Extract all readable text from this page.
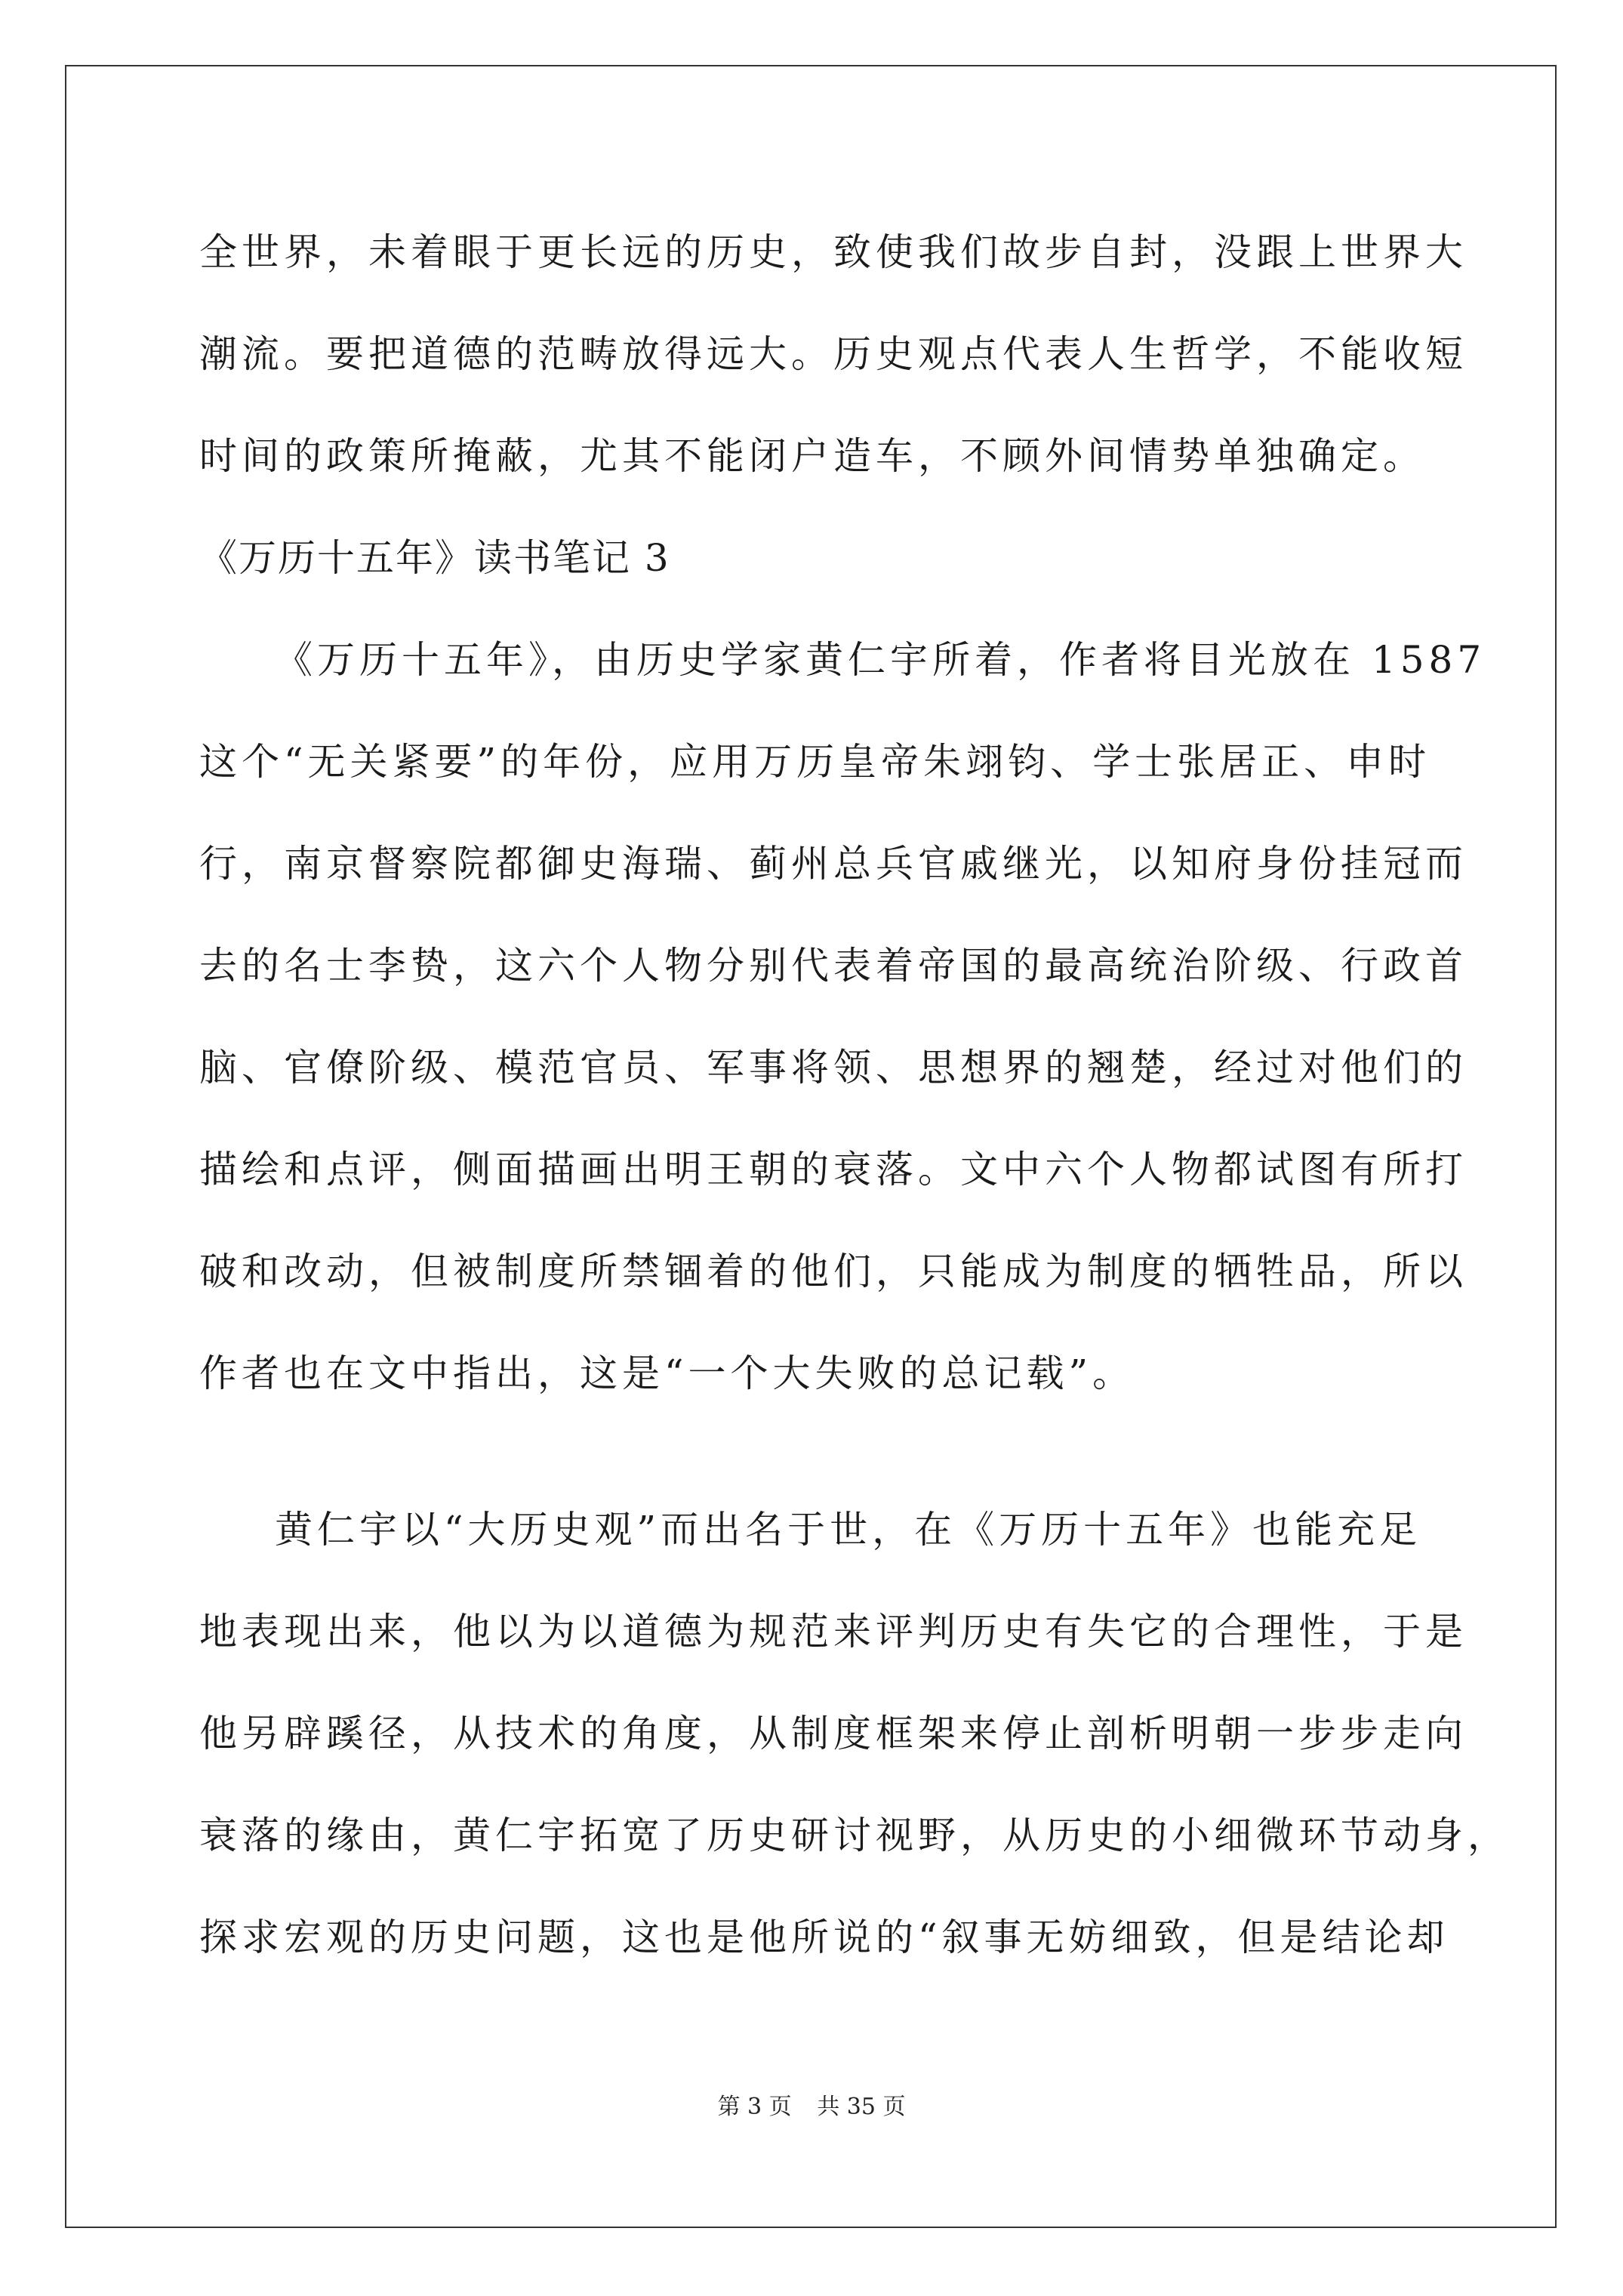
全世界，未着眼于更长远的历史，致使我们故步自封，没跟上世界大
潮流。要把道德的范畴放得远大。历史观点代表人生哲学，不能收短
时间的政策所掩蔽，尤其不能闭户造车，不顾外间情势单独确定。
《万历十五年》读书笔记 3
《万历十五年》，由历史学家黄仁宇所着，作者将目光放在 1587
这个“无关紧要”的年份，应用万历皇帝朱翊钧、学士张居正、申时
行，南京督察院都御史海瑞、蓟州总兵官戚继光，以知府身份挂冠而
去的名士李贽，这六个人物分别代表着帝国的最高统治阶级、行政首
脑、官僚阶级、模范官员、军事将领、思想界的翘楚，经过对他们的
描绘和点评，侧面描画出明王朝的衰落。文中六个人物都试图有所打
破和改动，但被制度所禁锢着的他们，只能成为制度的牺牲品，所以
作者也在文中指出，这是“一个大失败的总记载”。
黄仁宇以“大历史观”而出名于世，在《万历十五年》也能充足
地表现出来，他以为以道德为规范来评判历史有失它的合理性，于是
他另辟蹊径，从技术的角度，从制度框架来停止剖析明朝一步步走向
衰落的缘由，黄仁宇拓宽了历史研讨视野，从历史的小细微环节动身，
探求宏观的历史问题，这也是他所说的“叙事无妨细致，但是结论却
第 3 页 共 35 页
